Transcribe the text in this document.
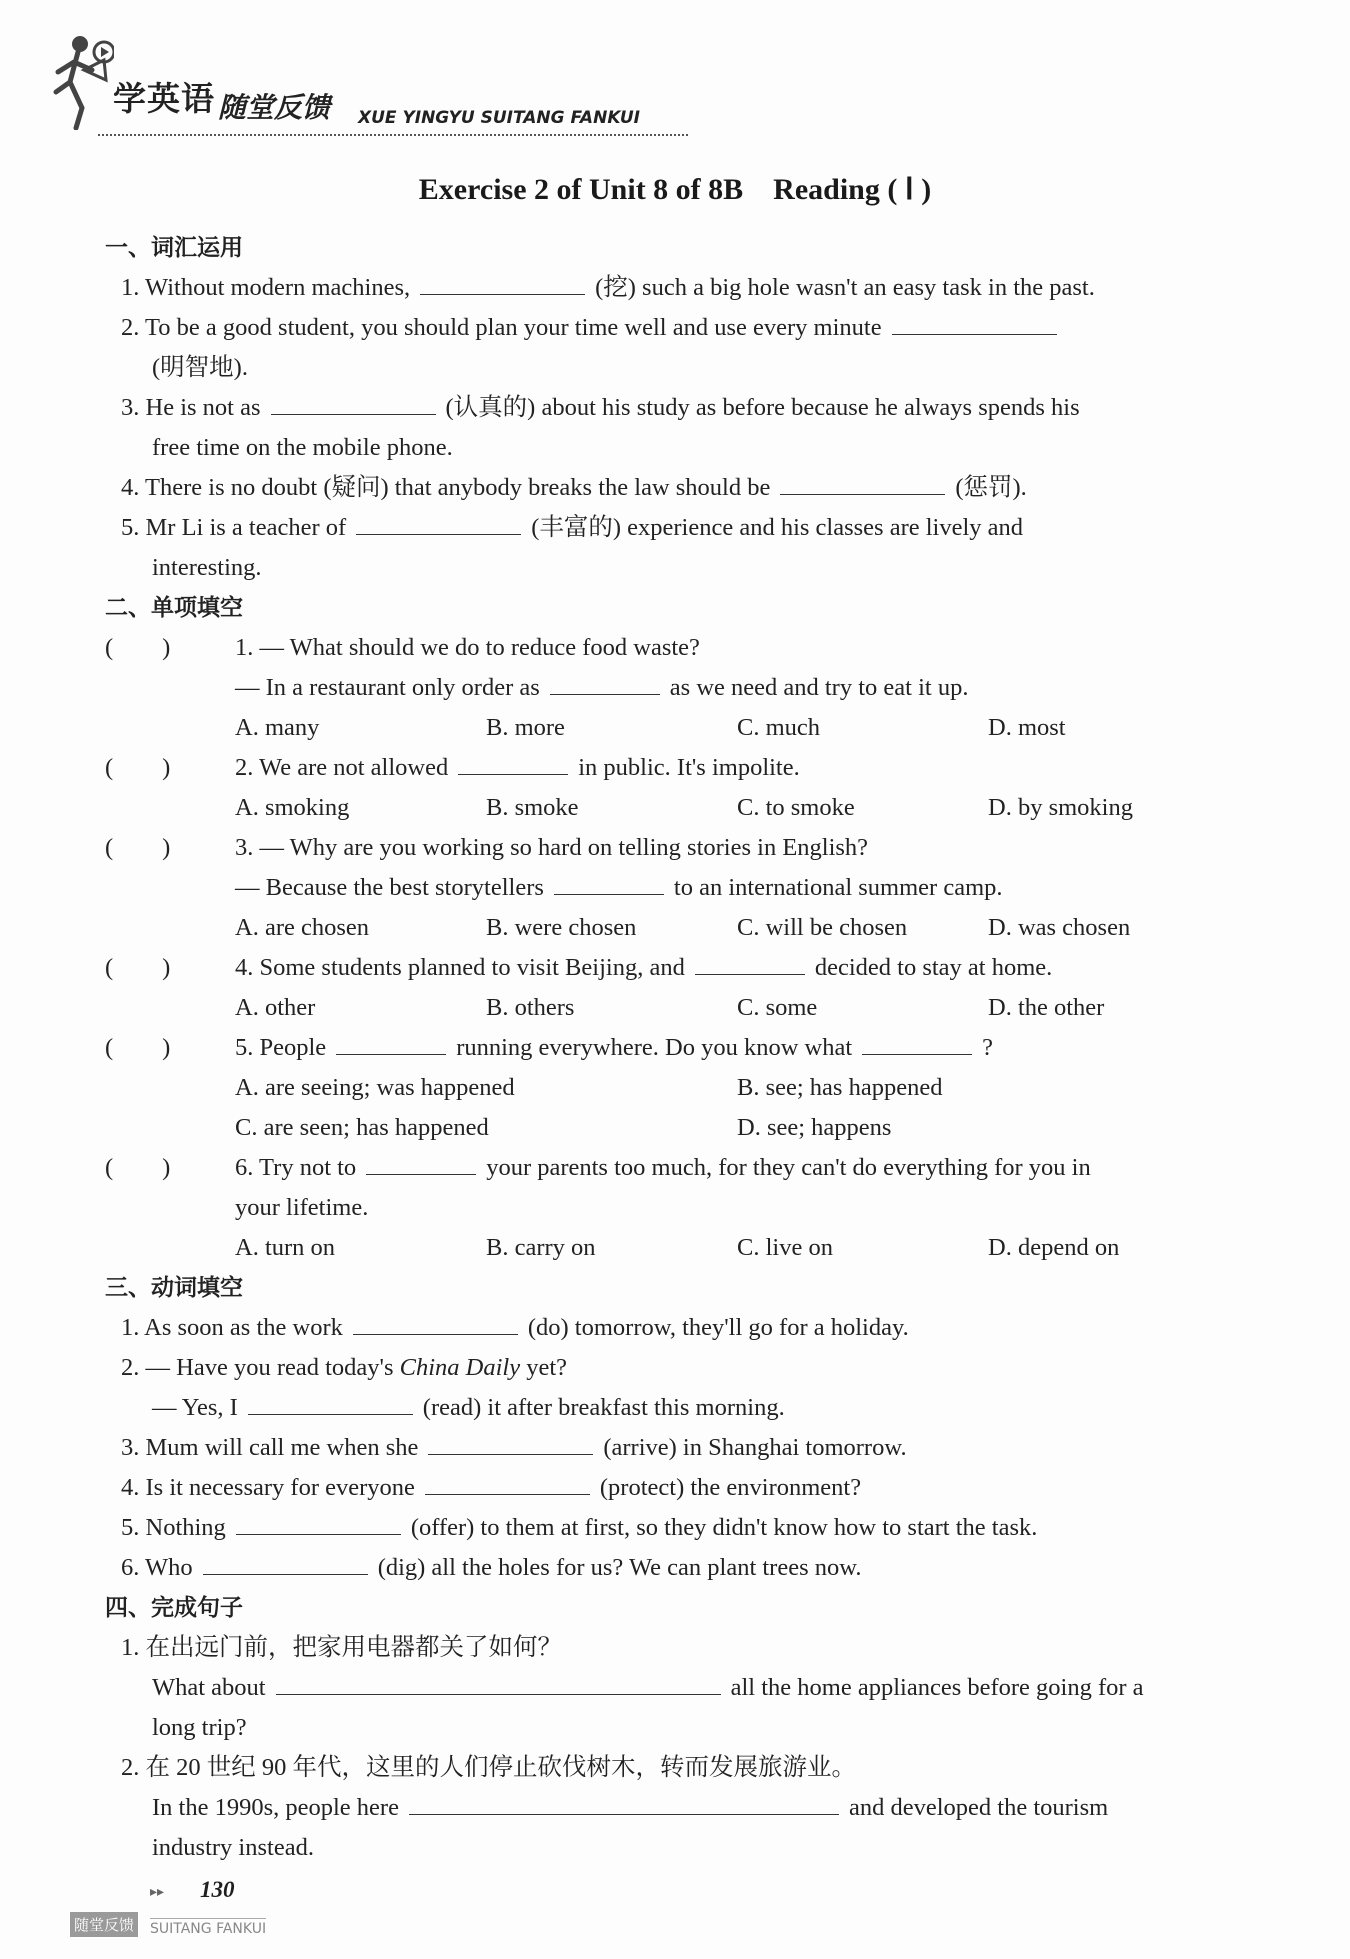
学英语 随堂反馈 XUE YINGYU SUITANG FANKUI
Exercise 2 of Unit 8 of 8B　Reading ( Ⅰ )
一、词汇运用
1. Without modern machines,	(挖) such a big hole wasn't an easy task in the past.
2. To be a good student, you should plan your time well and use every minute
(明智地).
3. He is not as	(认真的) about his study as before because he always spends his
free time on the mobile phone.
4. There is no doubt (疑问) that anybody breaks the law should be	(惩罚).
5. Mr Li is a teacher of	(丰富的) experience and his classes are lively and
interesting.
二、单项填空
(　　)	1. — What should we do to reduce food waste?
— In a restaurant only order as	as we need and try to eat it up.
A. many	B. more	C. much	D. most
(　　)	2. We are not allowed	in public. It's impolite.
A. smoking	B. smoke	C. to smoke	D. by smoking
(　　)	3. — Why are you working so hard on telling stories in English?
— Because the best storytellers	to an international summer camp.
A. are chosen	B. were chosen	C. will be chosen	D. was chosen
(　　)	4. Some students planned to visit Beijing, and	decided to stay at home.
A. other	B. others	C. some	D. the other
(　　)	5. People	running everywhere. Do you know what	?
A. are seeing; was happened	B. see; has happened
C. are seen; has happened	D. see; happens
(　　)	6. Try not to	your parents too much, for they can't do everything for you in
your lifetime.
A. turn on	B. carry on	C. live on	D. depend on
三、动词填空
1. As soon as the work	(do) tomorrow, they'll go for a holiday.
2. — Have you read today's China Daily yet?
— Yes, I	(read) it after breakfast this morning.
3. Mum will call me when she	(arrive) in Shanghai tomorrow.
4. Is it necessary for everyone	(protect) the environment?
5. Nothing	(offer) to them at first, so they didn't know how to start the task.
6. Who	(dig) all the holes for us? We can plant trees now.
四、完成句子
1. 在出远门前，把家用电器都关了如何？
What about	all the home appliances before going for a
long trip?
2. 在 20 世纪 90 年代，这里的人们停止砍伐树木，转而发展旅游业。
In the 1990s, people here	and developed the tourism
industry instead.
▸▸ 130
随堂反馈 SUITANG FANKUI
